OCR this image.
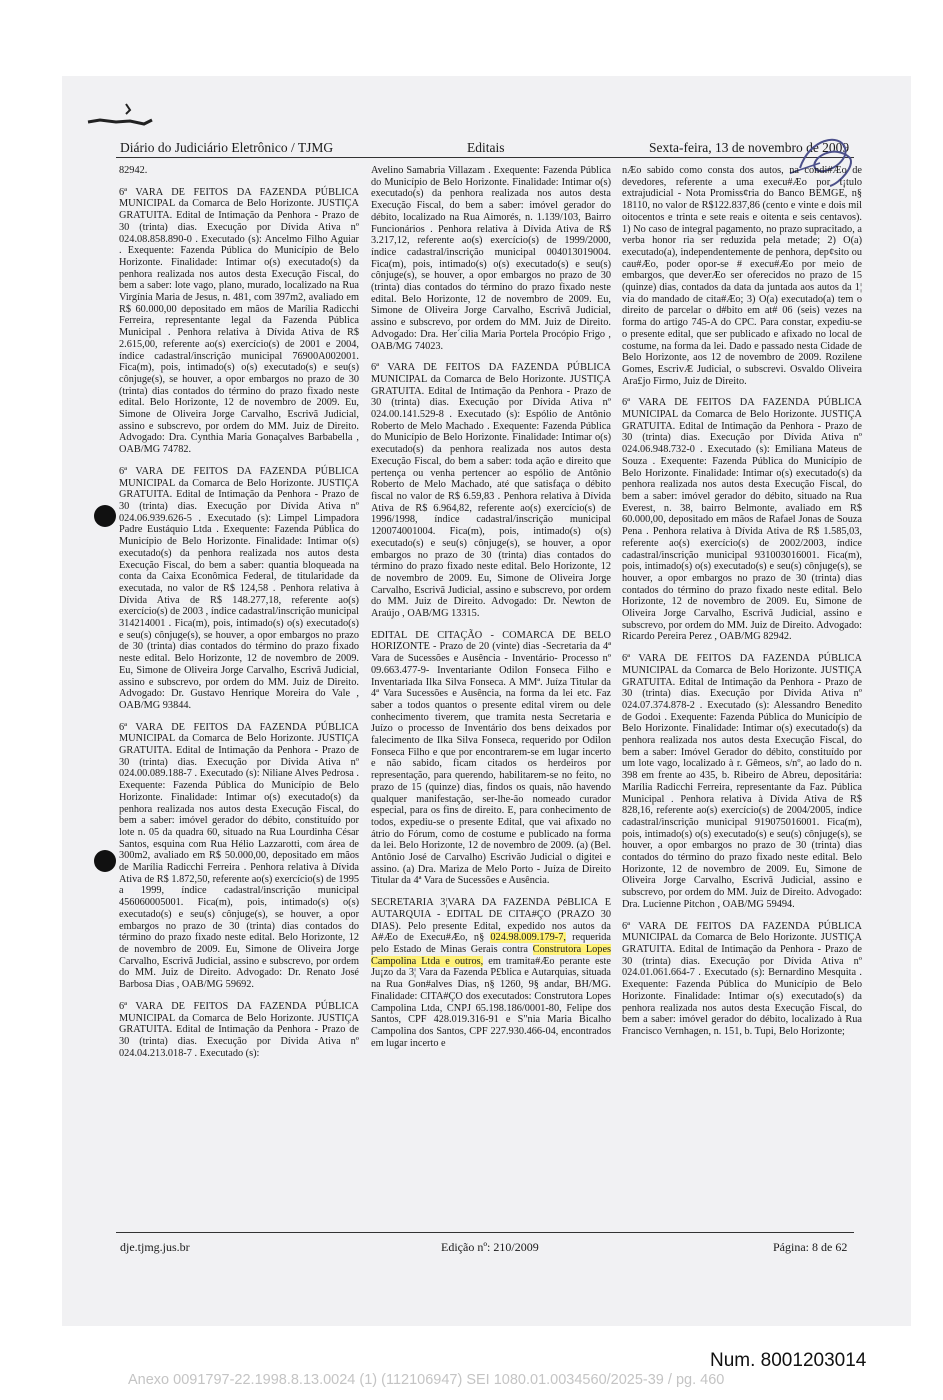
Diário do Judiciário Eletrônico / TJMG	Editais	Sexta-feira, 13 de novembro de 2009

82942.

6ª VARA DE FEITOS DA FAZENDA PÚBLICA MUNICIPAL da Comarca de Belo Horizonte. JUSTIÇA GRATUITA. Edital de Intimação da Penhora - Prazo de 30 (trinta) dias. Execução por Dívida Ativa nº 024.08.858.890-0 . Executado (s): Ancelmo Filho Aguiar . Exequente: Fazenda Pública do Município de Belo Horizonte. Finalidade: Intimar o(s) executado(s) da penhora realizada nos autos desta Execução Fiscal, do bem a saber: lote vago, plano, murado, localizado na Rua Virgínia Maria de Jesus, n. 481, com 397m2, avaliado em R$ 60.000,00 depositado em mãos de Marília Radicchi Ferreira, representante legal da Fazenda Pública Municipal . Penhora relativa à Dívida Ativa de R$ 2.615,00, referente ao(s) exercício(s) de 2001 e 2004, índice cadastral/inscrição municipal 76900A002001. Fica(m), pois, intimado(s) o(s) executado(s) e seu(s) cônjuge(s), se houver, a opor embargos no prazo de 30 (trinta) dias contados do término do prazo fixado neste edital. Belo Horizonte, 12 de novembro de 2009. Eu, Simone de Oliveira Jorge Carvalho, Escrivã Judicial, assino e subscrevo, por ordem do MM. Juiz de Direito. Advogado: Dra. Cynthia Maria Gonaçalves Barbabella , OAB/MG 74782.

6ª VARA DE FEITOS DA FAZENDA PÚBLICA MUNICIPAL da Comarca de Belo Horizonte. JUSTIÇA GRATUITA. Edital de Intimação da Penhora - Prazo de 30 (trinta) dias. Execução por Dívida Ativa nº 024.06.939.626-5 . Executado (s): Limpel Limpadora Padre Eustáquio Ltda . Exequente: Fazenda Pública do Município de Belo Horizonte. Finalidade: Intimar o(s) executado(s) da penhora realizada nos autos desta Execução Fiscal, do bem a saber: quantia bloqueada na conta da Caixa Econômica Federal, de titularidade da executada, no valor de R$ 124,58 . Penhora relativa à Dívida Ativa de R$ 148.277,18, referente ao(s) exercício(s) de 2003 , índice cadastral/inscrição municipal 314214001 . Fica(m), pois, intimado(s) o(s) executado(s) e seu(s) cônjuge(s), se houver, a opor embargos no prazo de 30 (trinta) dias contados do término do prazo fixado neste edital. Belo Horizonte, 12 de novembro de 2009. Eu, Simone de Oliveira Jorge Carvalho, Escrivã Judicial, assino e subscrevo, por ordem do MM. Juiz de Direito. Advogado: Dr. Gustavo Henrique Moreira do Vale , OAB/MG 93844.

6ª VARA DE FEITOS DA FAZENDA PÚBLICA MUNICIPAL da Comarca de Belo Horizonte. JUSTIÇA GRATUITA. Edital de Intimação da Penhora - Prazo de 30 (trinta) dias. Execução por Dívida Ativa nº 024.00.089.188-7 . Executado (s): Niliane Alves Pedrosa . Exequente: Fazenda Pública do Município de Belo Horizonte. Finalidade: Intimar o(s) executado(s) da penhora realizada nos autos desta Execução Fiscal, do bem a saber: imóvel gerador do débito, constituído por lote n. 05 da quadra 60, situado na Rua Lourdinha César Santos, esquina com Rua Hélio Lazzarotti, com área de 300m2, avaliado em R$ 50.000,00, depositado em mãos de Marília Radicchi Ferreira . Penhora relativa à Dívida Ativa de R$ 1.872,50, referente ao(s) exercício(s) de 1995 a 1999, índice cadastral/inscrição municipal 456060005001. Fica(m), pois, intimado(s) o(s) executado(s) e seu(s) cônjuge(s), se houver, a opor embargos no prazo de 30 (trinta) dias contados do término do prazo fixado neste edital. Belo Horizonte, 12 de novembro de 2009. Eu, Simone de Oliveira Jorge Carvalho, Escrivã Judicial, assino e subscrevo, por ordem do MM. Juiz de Direito. Advogado: Dr. Renato José Barbosa Dias , OAB/MG 59692.

6ª VARA DE FEITOS DA FAZENDA PÚBLICA MUNICIPAL da Comarca de Belo Horizonte. JUSTIÇA GRATUITA. Edital de Intimação da Penhora - Prazo de 30 (trinta) dias. Execução por Dívida Ativa nº 024.04.213.018-7 . Executado (s):

Avelino Samabria Villazam . Exequente: Fazenda Pública do Município de Belo Horizonte. Finalidade: Intimar o(s) executado(s) da penhora realizada nos autos desta Execução Fiscal, do bem a saber: imóvel gerador do débito, localizado na Rua Aimorés, n. 1.139/103, Bairro Funcionários . Penhora relativa à Dívida Ativa de R$ 3.217,12, referente ao(s) exercício(s) de 1999/2000, índice cadastral/inscrição municipal 004013019004. Fica(m), pois, intimado(s) o(s) executado(s) e seu(s) cônjuge(s), se houver, a opor embargos no prazo de 30 (trinta) dias contados do término do prazo fixado neste edital. Belo Horizonte, 12 de novembro de 2009. Eu, Simone de Oliveira Jorge Carvalho, Escrivã Judicial, assino e subscrevo, por ordem do MM. Juiz de Direito. Advogado: Dra. Her´cilia Maria Portela Procópio Frigo , OAB/MG 74023.

6ª VARA DE FEITOS DA FAZENDA PÚBLICA MUNICIPAL da Comarca de Belo Horizonte. JUSTIÇA GRATUITA. Edital de Intimação da Penhora - Prazo de 30 (trinta) dias. Execução por Dívida Ativa nº 024.00.141.529-8 . Executado (s): Espólio de Antônio Roberto de Melo Machado . Exequente: Fazenda Pública do Município de Belo Horizonte. Finalidade: Intimar o(s) executado(s) da penhora realizada nos autos desta Execução Fiscal, do bem a saber: toda ação e direito que pertença ou venha pertencer ao espólio de Antônio Roberto de Melo Machado, até que satisfaça o débito fiscal no valor de R$ 6.59,83 . Penhora relativa à Dívida Ativa de R$ 6.964,82, referente ao(s) exercício(s) de 1996/1998, índice cadastral/inscrição municipal 120074001004. Fica(m), pois, intimado(s) o(s) executado(s) e seu(s) cônjuge(s), se houver, a opor embargos no prazo de 30 (trinta) dias contados do término do prazo fixado neste edital. Belo Horizonte, 12 de novembro de 2009. Eu, Simone de Oliveira Jorge Carvalho, Escrivã Judicial, assino e subscrevo, por ordem do MM. Juiz de Direito. Advogado: Dr. Newton de Araújo , OAB/MG 13315.

EDITAL DE CITAÇÃO - COMARCA DE BELO HORIZONTE - Prazo de 20 (vinte) dias -Secretaria da 4ª Vara de Sucessões e Ausência - Inventário- Processo nº 09.663.477-9- Inventariante Odilon Fonseca Filho e Inventariada Ilka Silva Fonseca. A MMª. Juíza Titular da 4ª Vara Sucessões e Ausência, na forma da lei etc. Faz saber a todos quantos o presente edital virem ou dele conhecimento tiverem, que tramita nesta Secretaria e Juízo o processo de Inventário dos bens deixados por falecimento de Ilka Silva Fonseca, requerido por Odilon Fonseca Filho e que por encontrarem-se em lugar incerto e não sabido, ficam citados os herdeiros por representação, para querendo, habilitarem-se no feito, no prazo de 15 (quinze) dias, findos os quais, não havendo qualquer manifestação, ser-lhe-ão nomeado curador especial, para os fins de direito. E, para conhecimento de todos, expediu-se o presente Edital, que vai afixado no átrio do Fórum, como de costume e publicado na forma da lei. Belo Horizonte, 12 de novembro de 2009. (a) (Bel. Antônio José de Carvalho) Escrivão Judicial o digitei e assino. (a) Dra. Mariza de Melo Porto - Juíza de Direito Titular da 4ª Vara de Sucessões e Ausência.

SECRETARIA 3¦VARA DA FAZENDA PéBLICA E AUTARQUIA - EDITAL DE CITA#ÇO (PRAZO 30 DIAS). Pelo presente Edital, expedido nos autos da A#Æo de Execu#Æo, n§ 024.98.009.179-7, requerida pelo Estado de Minas Gerais contra Construtora Lopes Campolina Ltda e outros, em tramita#Æo perante este Ju¡zo da 3¦ Vara da Fazenda P£blica e Autarquias, situada na Rua Gon#alves Dias, n§ 1260, 9§ andar, BH/MG. Finalidade: CITA#ÇO dos executados: Construtora Lopes Campolina Ltda, CNPJ 65.198.186/0001-80, Felipe dos Santos, CPF 428.019.316-91 e S"nia Maria Bicalho Campolina dos Santos, CPF 227.930.466-04, encontrados em lugar incerto e

nÆo sabido como consta dos autos, na condi#Æo de devedores, referente a uma execu#Æo por t¡tulo extrajudicial - Nota Promiss¢ria do Banco BEMGE, n§ 18110, no valor de R$122.837,86 (cento e vinte e dois mil oitocentos e trinta e sete reais e oitenta e seis centavos). 1) No caso de integral pagamento, no prazo supracitado, a verba honor ria ser reduzida pela metade; 2) O(a) executado(a), independentemente de penhora, dep¢sito ou cau#Æo, poder opor-se # execu#Æo por meio de embargos, que deverÆo ser oferecidos no prazo de 15 (quinze) dias, contados da data da juntada aos autos da 1¦ via do mandado de cita#Æo; 3) O(a) executado(a) tem o direito de parcelar o d#bito em at# 06 (seis) vezes na forma do artigo 745-A do CPC. Para constar, expediu-se o presente edital, que ser publicado e afixado no local de costume, na forma da lei. Dado e passado nesta Cidade de Belo Horizonte, aos 12 de novembro de 2009. Rozilene Gomes, EscrivÆ Judicial, o subscrevi. Osvaldo Oliveira Ara£jo Firmo, Juiz de Direito.

6ª VARA DE FEITOS DA FAZENDA PÚBLICA MUNICIPAL da Comarca de Belo Horizonte. JUSTIÇA GRATUITA. Edital de Intimação da Penhora - Prazo de 30 (trinta) dias. Execução por Dívida Ativa nº 024.06.948.732-0 . Executado (s): Emiliana Mateus de Souza . Exequente: Fazenda Pública do Município de Belo Horizonte. Finalidade: Intimar o(s) executado(s) da penhora realizada nos autos desta Execução Fiscal, do bem a saber: imóvel gerador do débito, situado na Rua Everest, n. 38, bairro Belmonte, avaliado em R$ 60.000,00, depositado em mãos de Rafael Jonas de Souza Pena . Penhora relativa à Dívida Ativa de R$ 1.585,03, referente ao(s) exercício(s) de 2002/2003, índice cadastral/inscrição municipal 931003016001. Fica(m), pois, intimado(s) o(s) executado(s) e seu(s) cônjuge(s), se houver, a opor embargos no prazo de 30 (trinta) dias contados do término do prazo fixado neste edital. Belo Horizonte, 12 de novembro de 2009. Eu, Simone de Oliveira Jorge Carvalho, Escrivã Judicial, assino e subscrevo, por ordem do MM. Juiz de Direito. Advogado: Ricardo Pereira Perez , OAB/MG 82942.

6ª VARA DE FEITOS DA FAZENDA PÚBLICA MUNICIPAL da Comarca de Belo Horizonte. JUSTIÇA GRATUITA. Edital de Intimação da Penhora - Prazo de 30 (trinta) dias. Execução por Dívida Ativa nº 024.07.374.878-2 . Executado (s): Alessandro Benedito de Godoi . Exequente: Fazenda Pública do Município de Belo Horizonte. Finalidade: Intimar o(s) executado(s) da penhora realizada nos autos desta Execução Fiscal, do bem a saber: Imóvel Gerador do débito, constituído por um lote vago, localizado à r. Gêmeos, s/nº, ao lado do n. 398 em frente ao 435, b. Ribeiro de Abreu, depositária: Marília Radicchi Ferreira, representante da Faz. Pública Municipal . Penhora relativa à Dívida Ativa de R$ 828,16, referente ao(s) exercício(s) de 2004/2005, índice cadastral/inscrição municipal 919075016001. Fica(m), pois, intimado(s) o(s) executado(s) e seu(s) cônjuge(s), se houver, a opor embargos no prazo de 30 (trinta) dias contados do término do prazo fixado neste edital. Belo Horizonte, 12 de novembro de 2009. Eu, Simone de Oliveira Jorge Carvalho, Escrivã Judicial, assino e subscrevo, por ordem do MM. Juiz de Direito. Advogado: Dra. Lucienne Pitchon , OAB/MG 59494.

6ª VARA DE FEITOS DA FAZENDA PÚBLICA MUNICIPAL da Comarca de Belo Horizonte. JUSTIÇA GRATUITA. Edital de Intimação da Penhora - Prazo de 30 (trinta) dias. Execução por Dívida Ativa nº 024.01.061.664-7 . Executado (s): Bernardino Mesquita . Exequente: Fazenda Pública do Município de Belo Horizonte. Finalidade: Intimar o(s) executado(s) da penhora realizada nos autos desta Execução Fiscal, do bem a saber: imóvel gerador do débito, localizado à Rua Francisco Vernhagen, n. 151, b. Tupi, Belo Horizonte;

dje.tjmg.jus.br	Edição nº: 210/2009	Página: 8 de 62
Num. 8001203014
Anexo 0091797-22.1998.8.13.0024 (1) (112106947) SEI 1080.01.0034560/2025-39 / pg. 460
